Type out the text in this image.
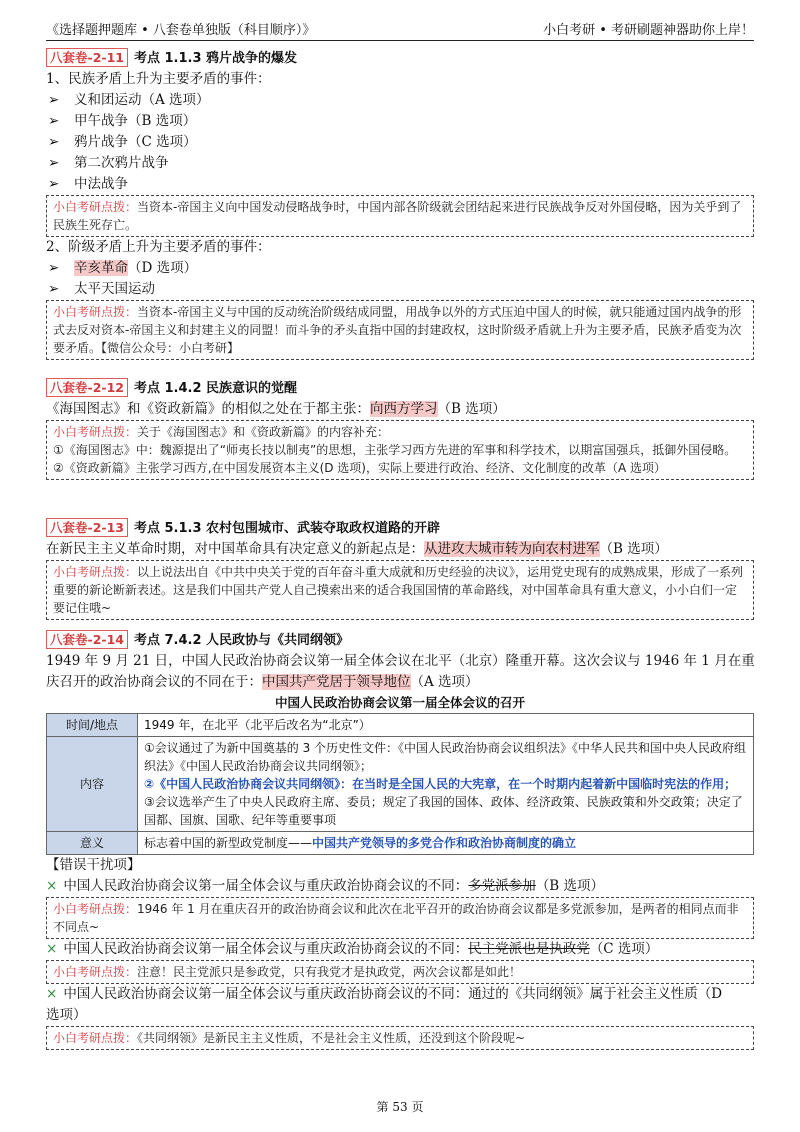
《选择题押题库 • 八套卷单独版（科目顺序）》	小白考研 • 考研刷题神器助你上岸！
八套卷-2-11 考点 1.1.3 鸦片战争的爆发
1、民族矛盾上升为主要矛盾的事件：
➢ 义和团运动（A 选项）
➢ 甲午战争（B 选项）
➢ 鸦片战争（C 选项）
➢ 第二次鸦片战争
➢ 中法战争
小白考研点拨：当资本-帝国主义向中国发动侵略战争时，中国内部各阶级就会团结起来进行民族战争反对外国侵略，因为关乎到了民族生死存亡。
2、阶级矛盾上升为主要矛盾的事件：
➢ 辛亥革命（D 选项）
➢ 太平天国运动
小白考研点拨：当资本-帝国主义与中国的反动统治阶级结成同盟，用战争以外的方式压迫中国人的时候，就只能通过国内战争的形式去反对资本-帝国主义和封建主义的同盟！而斗争的矛头直指中国的封建政权，这时阶级矛盾就上升为主要矛盾，民族矛盾变为次要矛盾。【微信公众号：小白考研】
八套卷-2-12 考点 1.4.2 民族意识的觉醒
《海国图志》和《资政新篇》的相似之处在于都主张：向西方学习（B 选项）
小白考研点拨：关于《海国图志》和《资政新篇》的内容补充：
①《海国图志》中：魏源提出了“师夷长技以制夷”的思想，主张学习西方先进的军事和科学技术，以期富国强兵，抵御外国侵略。
②《资政新篇》主张学习西方,在中国发展资本主义(D 选项)，实际上要进行政治、经济、文化制度的改革（A 选项）
八套卷-2-13 考点 5.1.3 农村包围城市、武装夺取政权道路的开辟
在新民主主义革命时期，对中国革命具有决定意义的新起点是：从进攻大城市转为向农村进军（B 选项）
小白考研点拨：以上说法出自《中共中央关于党的百年奋斗重大成就和历史经验的决议》，运用党史现有的成熟成果，形成了一系列重要的新论断新表述。这是我们中国共产党人自己摸索出来的适合我国国情的革命路线，对中国革命具有重大意义，小小白们一定要记住哦~
八套卷-2-14 考点 7.4.2 人民政协与《共同纲领》
1949 年 9 月 21 日，中国人民政治协商会议第一届全体会议在北平（北京）隆重开幕。这次会议与 1946 年 1 月在重
庆召开的政治协商会议的不同在于：中国共产党居于领导地位（A 选项）
中国人民政治协商会议第一届全体会议的召开
时间/地点	1949 年，在北平（北平后改名为“北京”）
内容	①会议通过了为新中国奠基的 3 个历史性文件：《中国人民政治协商会议组织法》《中华人民共和国中央人民政府组织法》《中国人民政治协商会议共同纲领》；
②《中国人民政治协商会议共同纲领》：在当时是全国人民的大宪章，在一个时期内起着新中国临时宪法的作用；
③会议选举产生了中央人民政府主席、委员；规定了我国的国体、政体、经济政策、民族政策和外交政策；决定了国都、国旗、国歌、纪年等重要事项

意义	标志着中国的新型政党制度——中国共产党领导的多党合作和政治协商制度的确立
【错误干扰项】
× 中国人民政治协商会议第一届全体会议与重庆政治协商会议的不同：多党派参加（B 选项）
小白考研点拨：1946 年 1 月在重庆召开的政治协商会议和此次在北平召开的政治协商会议都是多党派参加，是两者的相同点而非不同点~
× 中国人民政治协商会议第一届全体会议与重庆政治协商会议的不同：民主党派也是执政党（C 选项）
小白考研点拨：注意！民主党派只是参政党，只有我党才是执政党，两次会议都是如此！
× 中国人民政治协商会议第一届全体会议与重庆政治协商会议的不同：通过的《共同纲领》属于社会主义性质（D
选项）
小白考研点拨：《共同纲领》是新民主主义性质，不是社会主义性质，还没到这个阶段呢~
第 53 页
